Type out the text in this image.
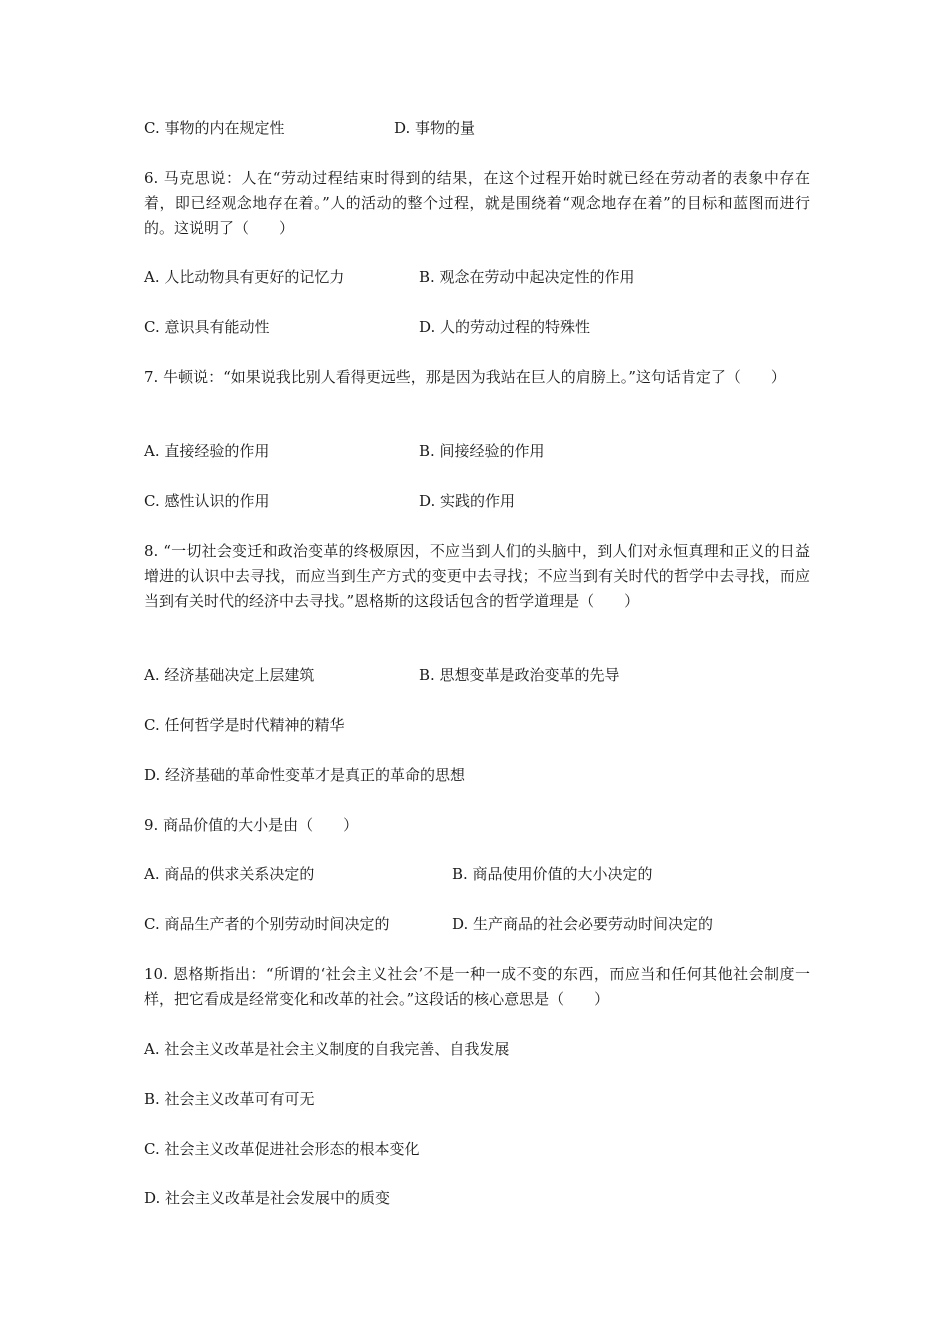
C. 事物的内在规定性	D. 事物的量
6. 马克思说：人在“劳动过程结束时得到的结果，在这个过程开始时就已经在劳动者的表象中存在着，即已经观念地存在着。”人的活动的整个过程，就是围绕着“观念地存在着”的目标和蓝图而进行的。这说明了（　　）
A. 人比动物具有更好的记忆力	B. 观念在劳动中起决定性的作用
C. 意识具有能动性	D. 人的劳动过程的特殊性
7. 牛顿说：“如果说我比别人看得更远些，那是因为我站在巨人的肩膀上。”这句话肯定了（　　）
A. 直接经验的作用	B. 间接经验的作用
C. 感性认识的作用	D. 实践的作用
8. “一切社会变迁和政治变革的终极原因，不应当到人们的头脑中，到人们对永恒真理和正义的日益增进的认识中去寻找，而应当到生产方式的变更中去寻找；不应当到有关时代的哲学中去寻找，而应当到有关时代的经济中去寻找。”恩格斯的这段话包含的哲学道理是（　　）
A. 经济基础决定上层建筑	B. 思想变革是政治变革的先导
C. 任何哲学是时代精神的精华
D. 经济基础的革命性变革才是真正的革命的思想
9. 商品价值的大小是由（　　）
A. 商品的供求关系决定的	B. 商品使用价值的大小决定的
C. 商品生产者的个别劳动时间决定的	D. 生产商品的社会必要劳动时间决定的
10. 恩格斯指出：“所谓的‘社会主义社会’不是一种一成不变的东西，而应当和任何其他社会制度一样，把它看成是经常变化和改革的社会。”这段话的核心意思是（　　）
A. 社会主义改革是社会主义制度的自我完善、自我发展
B. 社会主义改革可有可无
C. 社会主义改革促进社会形态的根本变化
D. 社会主义改革是社会发展中的质变
